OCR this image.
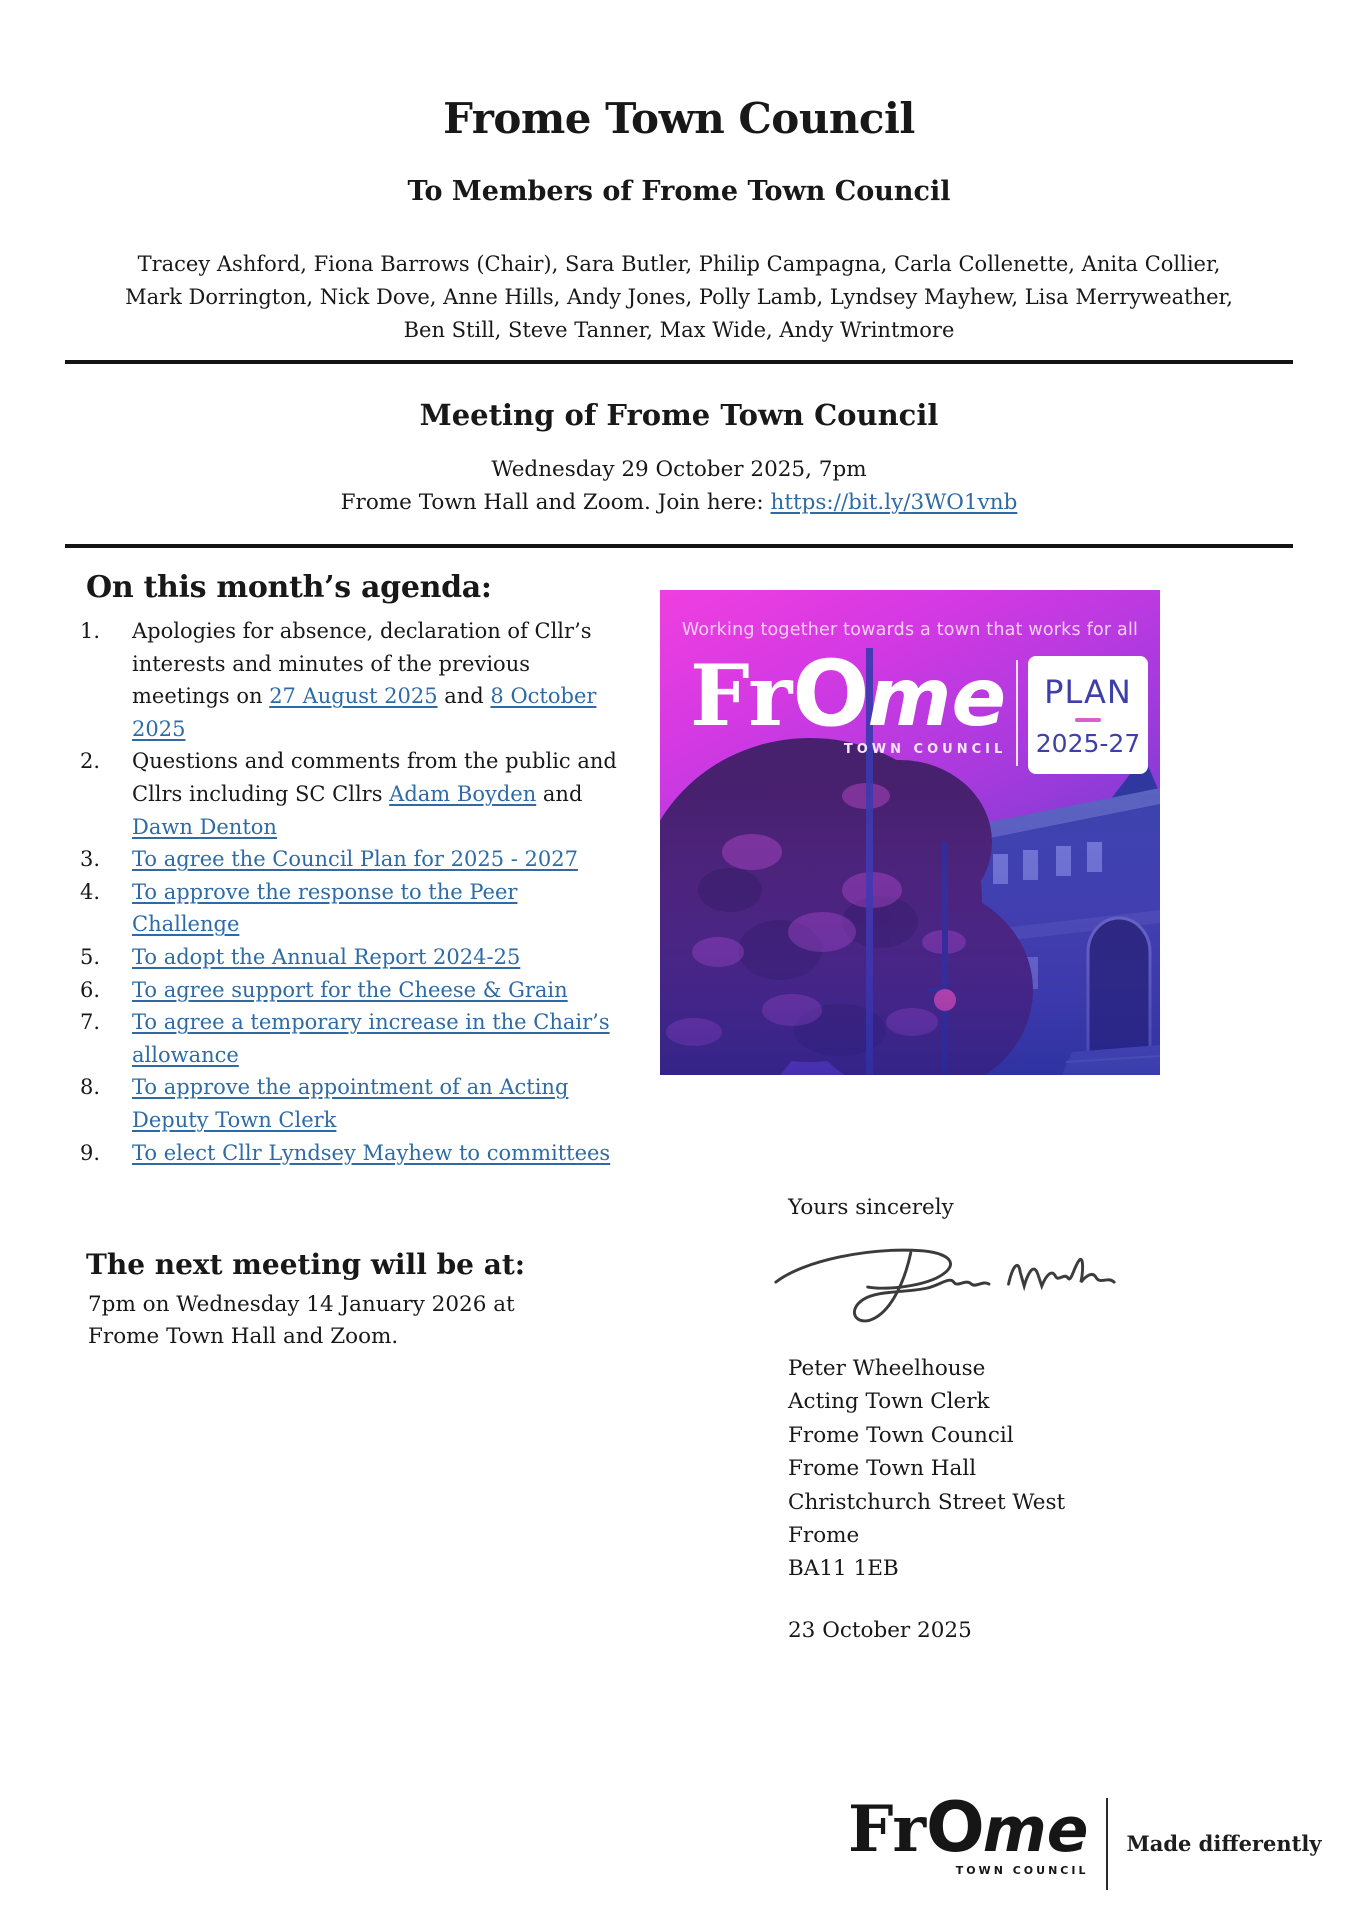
Frome Town Council
To Members of Frome Town Council
Tracey Ashford, Fiona Barrows (Chair), Sara Butler, Philip Campagna, Carla Collenette, Anita Collier,
Mark Dorrington, Nick Dove, Anne Hills, Andy Jones, Polly Lamb, Lyndsey Mayhew, Lisa Merryweather,
Ben Still, Steve Tanner, Max Wide, Andy Wrintmore
Meeting of Frome Town Council
Wednesday 29 October 2025, 7pm
Frome Town Hall and Zoom. Join here: https://bit.ly/3WO1vnb
On this month’s agenda:
1. Apologies for absence, declaration of Cllr’s interests and minutes of the previous meetings on 27 August 2025 and 8 October 2025
2. Questions and comments from the public and Cllrs including SC Cllrs Adam Boyden and Dawn Denton
3. To agree the Council Plan for 2025 - 2027
4. To approve the response to the Peer Challenge
5. To adopt the Annual Report 2024-25
6. To agree support for the Cheese & Grain
7. To agree a temporary increase in the Chair’s allowance
8. To approve the appointment of an Acting Deputy Town Clerk
9. To elect Cllr Lyndsey Mayhew to committees
Working together towards a town that works for all
FrOme
TOWN COUNCIL
PLAN
2025-27
The next meeting will be at:
7pm on Wednesday 14 January 2026 at Frome Town Hall and Zoom.
Yours sincerely
Peter Wheelhouse
Acting Town Clerk
Frome Town Council
Frome Town Hall
Christchurch Street West
Frome
BA11 1EB
23 October 2025
FrOme
TOWN COUNCIL
Made differently
